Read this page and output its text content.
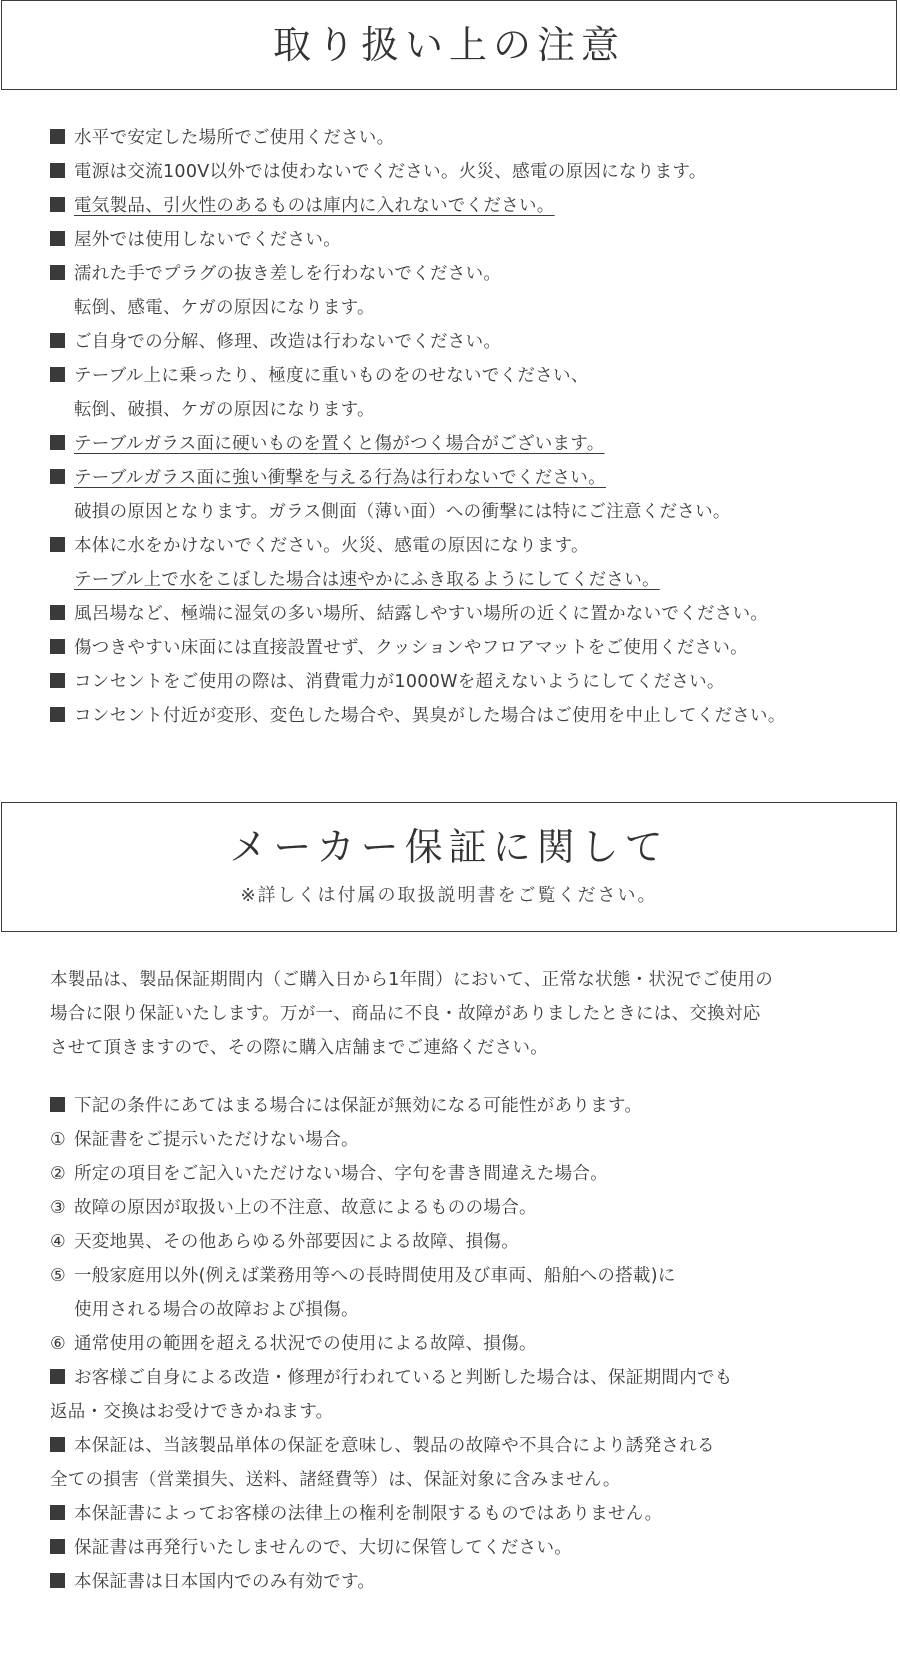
取り扱い上の注意
水平で安定した場所でご使用ください。
電源は交流100V以外では使わないでください。火災、感電の原因になります。
電気製品、引火性のあるものは庫内に入れないでください。
屋外では使用しないでください。
濡れた手でプラグの抜き差しを行わないでください。
転倒、感電、ケガの原因になります。
ご自身での分解、修理、改造は行わないでください。
テーブル上に乗ったり、極度に重いものをのせないでください、
転倒、破損、ケガの原因になります。
テーブルガラス面に硬いものを置くと傷がつく場合がございます。
テーブルガラス面に強い衝撃を与える行為は行わないでください。
破損の原因となります。ガラス側面（薄い面）への衝撃には特にご注意ください。
本体に水をかけないでください。火災、感電の原因になります。
テーブル上で水をこぼした場合は速やかにふき取るようにしてください。
風呂場など、極端に湿気の多い場所、結露しやすい場所の近くに置かないでください。
傷つきやすい床面には直接設置せず、クッションやフロアマットをご使用ください。
コンセントをご使用の際は、消費電力が1000Wを超えないようにしてください。
コンセント付近が変形、変色した場合や、異臭がした場合はご使用を中止してください。
メーカー保証に関して
※詳しくは付属の取扱説明書をご覧ください。
本製品は、製品保証期間内（ご購入日から1年間）において、正常な状態・状況でご使用の
場合に限り保証いたします。万が一、商品に不良・故障がありましたときには、交換対応
させて頂きますので、その際に購入店舗までご連絡ください。
下記の条件にあてはまる場合には保証が無効になる可能性があります。
① 保証書をご提示いただけない場合。
② 所定の項目をご記入いただけない場合、字句を書き間違えた場合。
③ 故障の原因が取扱い上の不注意、故意によるものの場合。
④ 天変地異、その他あらゆる外部要因による故障、損傷。
⑤ 一般家庭用以外(例えば業務用等への長時間使用及び車両、船舶への搭載)に
使用される場合の故障および損傷。
⑥ 通常使用の範囲を超える状況での使用による故障、損傷。
お客様ご自身による改造・修理が行われていると判断した場合は、保証期間内でも
返品・交換はお受けできかねます。
本保証は、当該製品単体の保証を意味し、製品の故障や不具合により誘発される
全ての損害（営業損失、送料、諸経費等）は、保証対象に含みません。
本保証書によってお客様の法律上の権利を制限するものではありません。
保証書は再発行いたしませんので、大切に保管してください。
本保証書は日本国内でのみ有効です。
